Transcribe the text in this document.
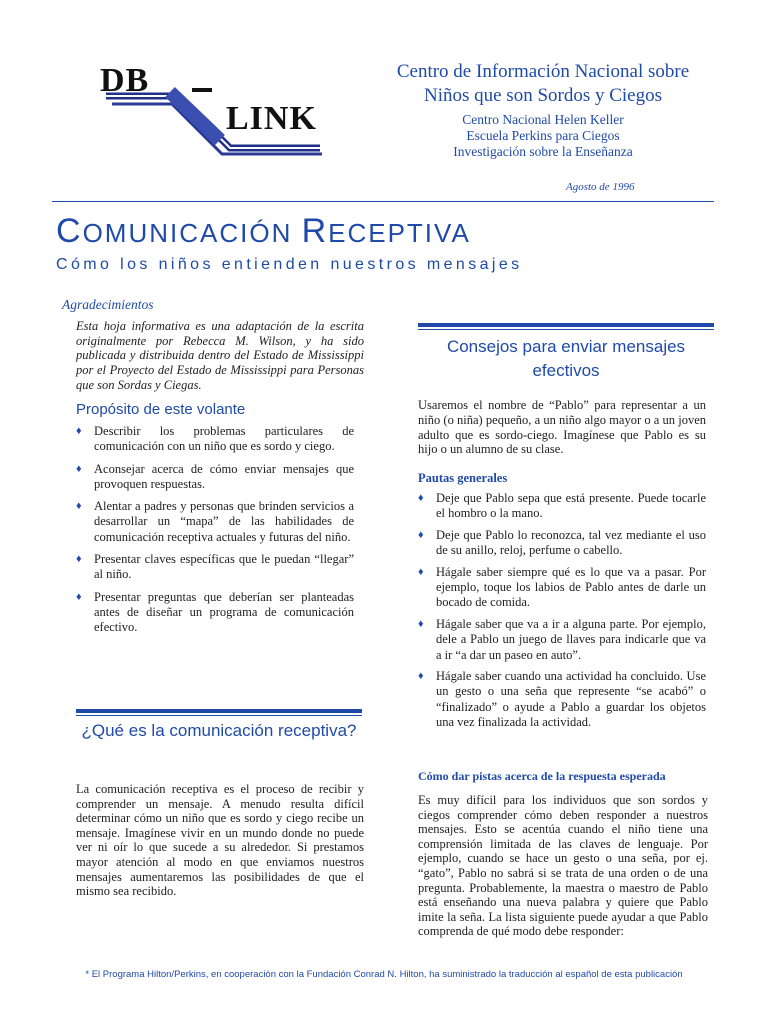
DB
LINK
Centro de Información Nacional sobre
Niños que son Sordos y Ciegos
Centro Nacional Helen Keller
Escuela Perkins para Ciegos
Investigación sobre la Enseñanza
Agosto de 1996
COMUNICACIÓN RECEPTIVA
Cómo los niños entienden nuestros mensajes
Agradecimientos
Esta hoja informativa es una adaptación de la escrita originalmente por Rebecca M. Wilson, y ha sido publicada y distribuida dentro del Estado de Mississippi por el Proyecto del Estado de Mississippi para Personas que son Sordas y Ciegas.
Propósito de este volante
♦ Describir los problemas particulares de comunicación con un niño que es sordo y ciego.
♦ Aconsejar acerca de cómo enviar mensajes que provoquen respuestas.
♦ Alentar a padres y personas que brinden servicios a desarrollar un “mapa” de las habilidades de comunicación receptiva actuales y futuras del niño.
♦ Presentar claves específicas que le puedan “llegar” al niño.
♦ Presentar preguntas que deberían ser planteadas antes de diseñar un programa de comunicación efectivo.
¿Qué es la comunicación receptiva?
La comunicación receptiva es el proceso de recibir y comprender un mensaje. A menudo resulta difícil determinar cómo un niño que es sordo y ciego recibe un mensaje. Imagínese vivir en un mundo donde no puede ver ni oír lo que sucede a su alrededor. Si prestamos mayor atención al modo en que enviamos nuestros mensajes aumentaremos las posibilidades de que el mismo sea recibido.
Consejos para enviar mensajes efectivos
Usaremos el nombre de “Pablo” para representar a un niño (o niña) pequeño, a un niño algo mayor o a un joven adulto que es sordo-ciego. Imagínese que Pablo es su hijo o un alumno de su clase.
Pautas generales
♦ Deje que Pablo sepa que está presente. Puede tocarle el hombro o la mano.
♦ Deje que Pablo lo reconozca, tal vez mediante el uso de su anillo, reloj, perfume o cabello.
♦ Hágale saber siempre qué es lo que va a pasar. Por ejemplo, toque los labios de Pablo antes de darle un bocado de comida.
♦ Hágale saber que va a ir a alguna parte. Por ejemplo, dele a Pablo un juego de llaves para indicarle que va a ir “a dar un paseo en auto”.
♦ Hágale saber cuando una actividad ha concluido. Use un gesto o una seña que represente “se acabó” o “finalizado” o ayude a Pablo a guardar los objetos una vez finalizada la actividad.
Cómo dar pistas acerca de la respuesta esperada
Es muy difícil para los individuos que son sordos y ciegos comprender cómo deben responder a nuestros mensajes. Esto se acentúa cuando el niño tiene una comprensión limitada de las claves de lenguaje. Por ejemplo, cuando se hace un gesto o una seña, por ej. “gato”, Pablo no sabrá si se trata de una orden o de una pregunta. Probablemente, la maestra o maestro de Pablo está enseñando una nueva palabra y quiere que Pablo imite la seña. La lista siguiente puede ayudar a que Pablo comprenda de qué modo debe responder:
* El Programa Hilton/Perkins, en cooperación con la Fundación Conrad N. Hilton, ha suministrado la traducción al español de esta publicación
